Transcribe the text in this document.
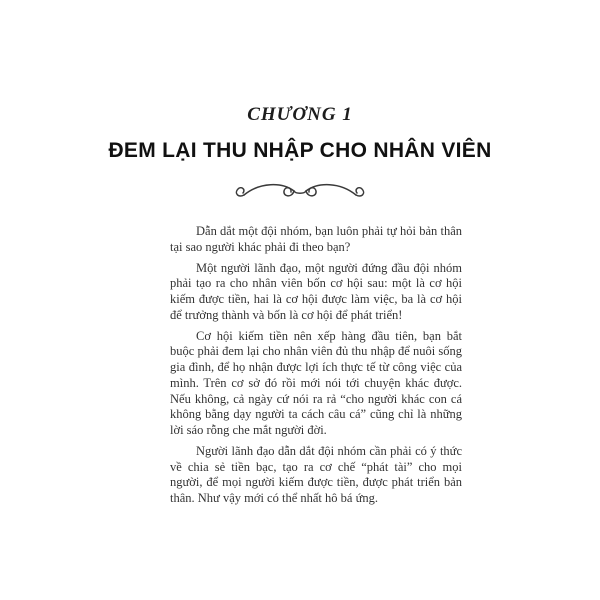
CHƯƠNG 1
ĐEM LẠI THU NHẬP CHO NHÂN VIÊN

Dẫn dắt một đội nhóm, bạn luôn phải tự hỏi bản thân tại sao người khác phải đi theo bạn?

Một người lãnh đạo, một người đứng đầu đội nhóm phải tạo ra cho nhân viên bốn cơ hội sau: một là cơ hội kiếm được tiền, hai là cơ hội được làm việc, ba là cơ hội để trưởng thành và bốn là cơ hội để phát triển!

Cơ hội kiếm tiền nên xếp hàng đầu tiên, bạn bắt buộc phải đem lại cho nhân viên đủ thu nhập để nuôi sống gia đình, để họ nhận được lợi ích thực tế từ công việc của mình. Trên cơ sở đó rồi mới nói tới chuyện khác được. Nếu không, cả ngày cứ nói ra rả “cho người khác con cá không bằng dạy người ta cách câu cá” cũng chỉ là những lời sáo rỗng che mắt người đời.

Người lãnh đạo dẫn dắt đội nhóm cần phải có ý thức về chia sẻ tiền bạc, tạo ra cơ chế “phát tài” cho mọi người, để mọi người kiếm được tiền, được phát triển bản thân. Như vậy mới có thể nhất hô bá ứng.
